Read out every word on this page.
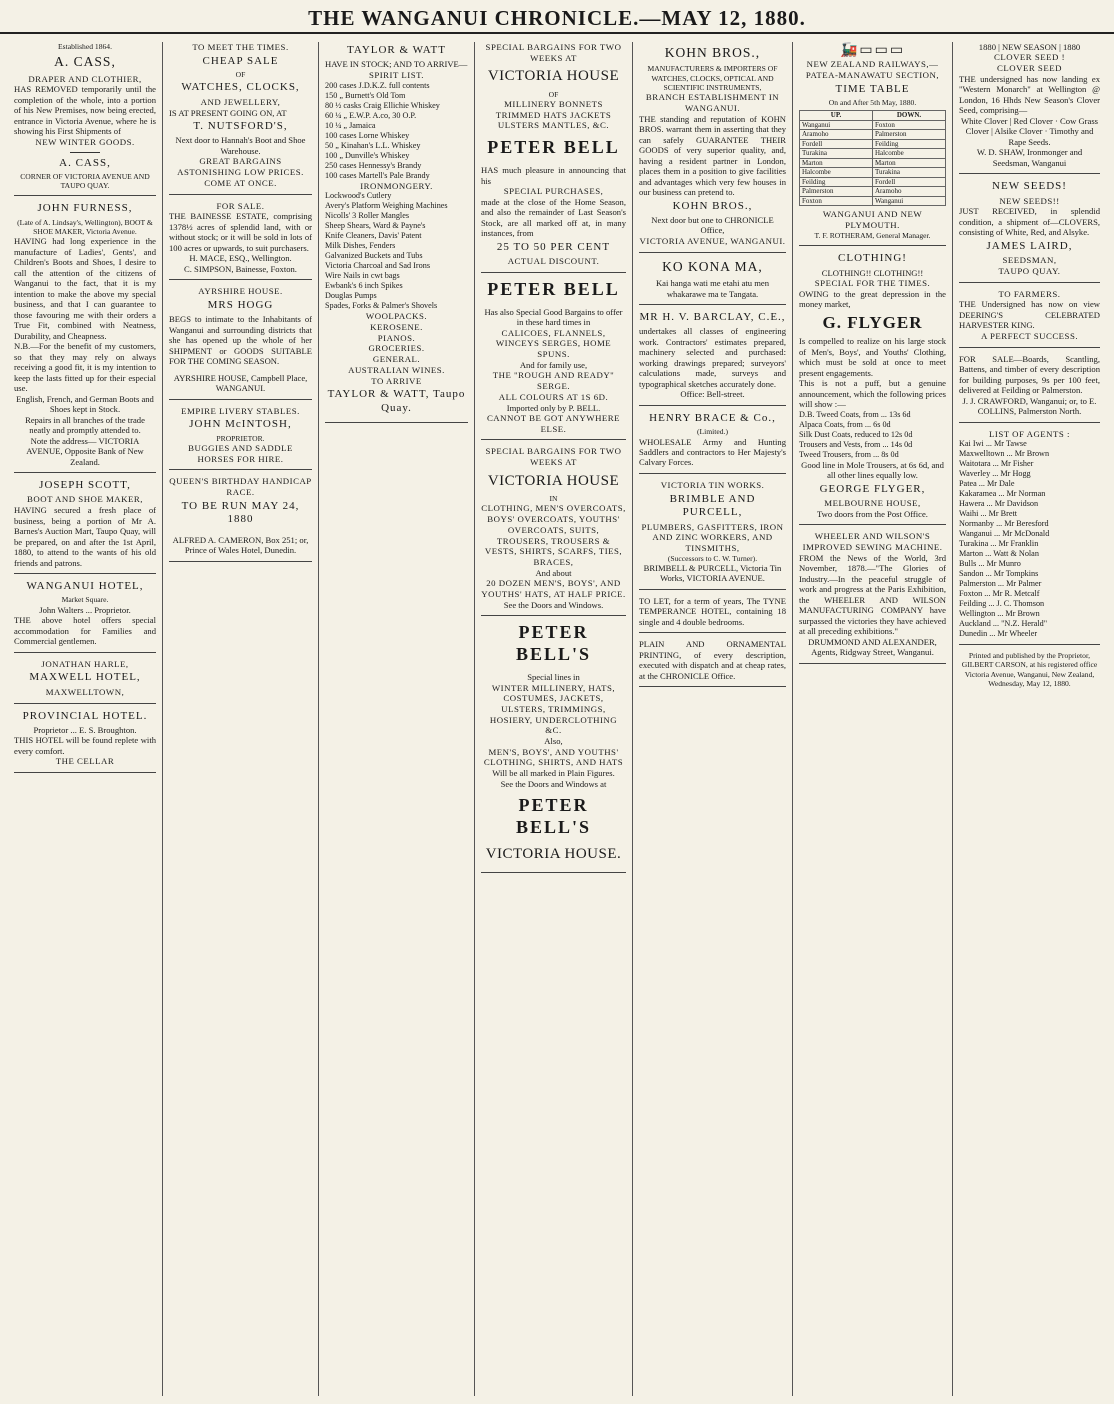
THE WANGANUI CHRONICLE.—MAY 12, 1880.
Established 1864.
A. CASS,
DRAPER AND CLOTHIER,
HAS REMOVED temporarily until the completion of the whole, into a portion of his New Premises, now being erected, entrance in Victoria Avenue, where he is showing his First Shipments of
NEW WINTER GOODS.
A. CASS,
CORNER OF VICTORIA AVENUE AND TAUPO QUAY.
JOHN FURNESS,
(Late of A. Lindsay's, Wellington), BOOT & SHOE MAKER, Victoria Avenue.
HAVING had long experience in the manufacture of Ladies', Gents', and Children's Boots and Shoes, I desire to call the attention of the citizens of Wanganui to the fact, that it is my intention to make the above my special business, and that I can guarantee to those favouring me with their orders a True Fit, combined with Neatness, Durability, and Cheapness.
N.B.—For the benefit of my customers, so that they may rely on always receiving a good fit, it is my intention to keep the lasts fitted up for their especial use.
English, French, and German Boots and Shoes kept in Stock.
Repairs in all branches of the trade neatly and promptly attended to.
Note the address— VICTORIA AVENUE, Opposite Bank of New Zealand.
JOSEPH SCOTT,
BOOT AND SHOE MAKER,
HAVING secured a fresh place of business, being a portion of Mr A. Barnes's Auction Mart, Taupo Quay, will be prepared, on and after the 1st April, 1880, to attend to the wants of his old friends and patrons.
WANGANUI HOTEL,
Market Square.
John Walters ... Proprietor.
THE above hotel offers special accommodation for Families and Commercial gentlemen.
JONATHAN HARLE,
MAXWELL HOTEL,
MAXWELLTOWN,
PROVINCIAL HOTEL.
Proprietor ... E. S. Broughton.
THIS HOTEL will be found replete with every comfort.
THE CELLAR
TO MEET THE TIMES.
CHEAP SALE
OF
WATCHES, CLOCKS,
AND JEWELLERY,
IS AT PRESENT GOING ON, AT
T. NUTSFORD'S,
Next door to Hannah's Boot and Shoe Warehouse.
GREAT BARGAINS
ASTONISHING LOW PRICES.
COME AT ONCE.
FOR SALE.
THE BAINESSE ESTATE, comprising 1378½ acres of splendid land, with or without stock; or it will be sold in lots of 100 acres or upwards, to suit purchasers.
H. MACE, ESQ., Wellington.
C. SIMPSON, Bainesse, Foxton.
AYRSHIRE HOUSE.
MRS HOGG
BEGS to intimate to the Inhabitants of Wanganui and surrounding districts that she has opened up the whole of her SHIPMENT or GOODS SUITABLE FOR THE COMING SEASON.
AYRSHIRE HOUSE, Campbell Place, WANGANUI.
EMPIRE LIVERY STABLES.
JOHN McINTOSH,
PROPRIETOR.
BUGGIES AND SADDLE HORSES FOR HIRE.
QUEEN'S BIRTHDAY HANDICAP RACE.
TO BE RUN MAY 24, 1880
ALFRED A. CAMERON, Box 251; or, Prince of Wales Hotel, Dunedin.
TAYLOR & WATT
HAVE IN STOCK; AND TO ARRIVE—
SPIRIT LIST.
200 cases J.D.K.Z. full contents
150 „ Burnett's Old Tom
80 ½ casks Craig Ellichie Whiskey
60 ¼ „ E.W.P. A.co, 30 O.P.
10 ¼ „ Jamaica
100 cases Lorne Whiskey
50 „ Kinahan's L.L. Whiskey
100 „ Dunville's Whiskey
250 cases Hennessy's Brandy
100 cases Martell's Pale Brandy
IRONMONGERY.
Lockwood's Cutlery
Avery's Platform Weighing Machines
Nicolls' 3 Roller Mangles
Sheep Shears, Ward & Payne's
Knife Cleaners, Davis' Patent
Milk Dishes, Fenders
Galvanized Buckets and Tubs
Victoria Charcoal and Sad Irons
Wire Nails in cwt bags
Ewbank's 6 inch Spikes
Douglas Pumps
Spades, Forks & Palmer's Shovels
WOOLPACKS.
KEROSENE.
PIANOS.
GROCERIES.
GENERAL.
AUSTRALIAN WINES.
TO ARRIVE
TAYLOR & WATT, Taupo Quay.
SPECIAL BARGAINS FOR TWO WEEKS AT
VICTORIA HOUSE
OF
MILLINERY BONNETS TRIMMED HATS JACKETS ULSTERS MANTLES, &C.
PETER BELL
HAS much pleasure in announcing that his
SPECIAL PURCHASES,
made at the close of the Home Season, and also the remainder of Last Season's Stock, are all marked off at, in many instances, from
25 TO 50 PER CENT
ACTUAL DISCOUNT.
PETER BELL
Has also Special Good Bargains to offer in these hard times in
CALICOES, FLANNELS, WINCEYS SERGES, HOME SPUNS.
And for family use,
THE "ROUGH AND READY" SERGE.
ALL COLOURS AT 1S 6D.
Imported only by P. BELL.
CANNOT BE GOT ANYWHERE ELSE.
SPECIAL BARGAINS FOR TWO WEEKS AT
VICTORIA HOUSE
IN
CLOTHING, MEN'S OVERCOATS, BOYS' OVERCOATS, YOUTHS' OVERCOATS, SUITS, TROUSERS, TROUSERS & VESTS, SHIRTS, SCARFS, TIES, BRACES,
And about
20 DOZEN MEN'S, BOYS', AND YOUTHS' HATS, AT HALF PRICE.
See the Doors and Windows.
PETER BELL'S
Special lines in
WINTER MILLINERY, HATS, COSTUMES, JACKETS, ULSTERS, TRIMMINGS, HOSIERY, UNDERCLOTHING &C.
Also,
MEN'S, BOYS', AND YOUTHS' CLOTHING, SHIRTS, AND HATS
Will be all marked in Plain Figures.
See the Doors and Windows at
PETER BELL'S
VICTORIA HOUSE.
KOHN BROS.,
MANUFACTURERS & IMPORTERS OF WATCHES, CLOCKS, OPTICAL AND SCIENTIFIC INSTRUMENTS,
BRANCH ESTABLISHMENT IN WANGANUI.
THE standing and reputation of KOHN BROS. warrant them in asserting that they can safely GUARANTEE THEIR GOODS of very superior quality, and, having a resident partner in London, places them in a position to give facilities and advantages which very few houses in our business can pretend to.
KOHN BROS.,
Next door but one to CHRONICLE Office,
VICTORIA AVENUE, WANGANUI.
KO KONA MA,
Kai hanga wati me etahi atu men whakarawe ma te Tangata.
MR H. V. BARCLAY, C.E.,
undertakes all classes of engineering work. Contractors' estimates prepared, machinery selected and purchased: working drawings prepared; surveyors' calculations made, surveys and typographical sketches accurately done.
Office: Bell-street.
HENRY BRACE & Co.,
(Limited.)
WHOLESALE Army and Hunting Saddlers and contractors to Her Majesty's Calvary Forces.
VICTORIA TIN WORKS.
BRIMBLE AND PURCELL,
PLUMBERS, GASFITTERS, IRON AND ZINC WORKERS, AND TINSMITHS,
(Successors to C. W. Turner).
BRIMBELL & PURCELL, Victoria Tin Works, VICTORIA AVENUE.
TO LET, for a term of years, The TYNE TEMPERANCE HOTEL, containing 18 single and 4 double bedrooms.
PLAIN AND ORNAMENTAL PRINTING, of every description, executed with dispatch and at cheap rates, at the CHRONICLE Office.
🚂▭▭▭
NEW ZEALAND RAILWAYS,—PATEA-MANAWATU SECTION,
TIME TABLE
On and After 5th May, 1880.
UP.	DOWN.
Wanganui	Foxton
Aramoho	Palmerston
Fordell	Feilding
Turakina	Halcombe
Marton	Marton
Halcombe	Turakina
Feilding	Fordell
Palmerston	Aramoho
Foxton	Wanganui
WANGANUI AND NEW PLYMOUTH.
T. F. ROTHERAM, General Manager.
CLOTHING!
CLOTHING!! CLOTHING!!
SPECIAL FOR THE TIMES.
OWING to the great depression in the money market,
G. FLYGER
Is compelled to realize on his large stock of Men's, Boys', and Youths' Clothing, which must be sold at once to meet present engagements.
This is not a puff, but a genuine announcement, which the following prices will show :—
D.B. Tweed Coats, from ... 13s 6d
Alpaca Coats, from ... 6s 0d
Silk Dust Coats, reduced to 12s 0d
Trousers and Vests, from ... 14s 0d
Tweed Trousers, from ... 8s 0d
Good line in Mole Trousers, at 6s 6d, and all other lines equally low.
GEORGE FLYGER,
MELBOURNE HOUSE,
Two doors from the Post Office.
WHEELER AND WILSON'S IMPROVED SEWING MACHINE.
FROM the News of the World, 3rd November, 1878.—"The Glories of Industry.—In the peaceful struggle of work and progress at the Paris Exhibition, the WHEELER AND WILSON MANUFACTURING COMPANY have surpassed the victories they have achieved at all preceding exhibitions."
DRUMMOND AND ALEXANDER, Agents, Ridgway Street, Wanganui.
1880 | NEW SEASON | 1880
CLOVER SEED !
CLOVER SEED
THE undersigned has now landing ex "Western Monarch" at Wellington @ London, 16 Hhds New Season's Clover Seed, comprising—
White Clover | Red Clover · Cow Grass Clover | Alsike Clover · Timothy and Rape Seeds.
W. D. SHAW, Ironmonger and Seedsman, Wanganui
NEW SEEDS!
NEW SEEDS!!
JUST RECEIVED, in splendid condition, a shipment of—CLOVERS, consisting of White, Red, and Alsyke.
JAMES LAIRD,
SEEDSMAN,
TAUPO QUAY.
TO FARMERS.
THE Undersigned has now on view DEERING'S CELEBRATED HARVESTER KING.
A PERFECT SUCCESS.
FOR SALE—Boards, Scantling, Battens, and timber of every description for building purposes, 9s per 100 feet, delivered at Feilding or Palmerston.
J. J. CRAWFORD, Wanganui; or, to E. COLLINS, Palmerston North.
LIST OF AGENTS :
Kai Iwi ... Mr Tawse
Maxwelltown ... Mr Brown
Waitotara ... Mr Fisher
Waverley ... Mr Hogg
Patea ... Mr Dale
Kakaramea ... Mr Norman
Hawera ... Mr Davidson
Waihi ... Mr Brett
Normanby ... Mr Beresford
Wanganui ... Mr McDonald
Turakina ... Mr Franklin
Marton ... Watt & Nolan
Bulls ... Mr Munro
Sandon ... Mr Tompkins
Palmerston ... Mr Palmer
Foxton ... Mr R. Metcalf
Feilding ... J. C. Thomson
Wellington ... Mr Brown
Auckland ... "N.Z. Herald"
Dunedin ... Mr Wheeler
Printed and published by the Proprietor, GILBERT CARSON, at his registered office Victoria Avenue, Wanganui, New Zealand, Wednesday, May 12, 1880.
